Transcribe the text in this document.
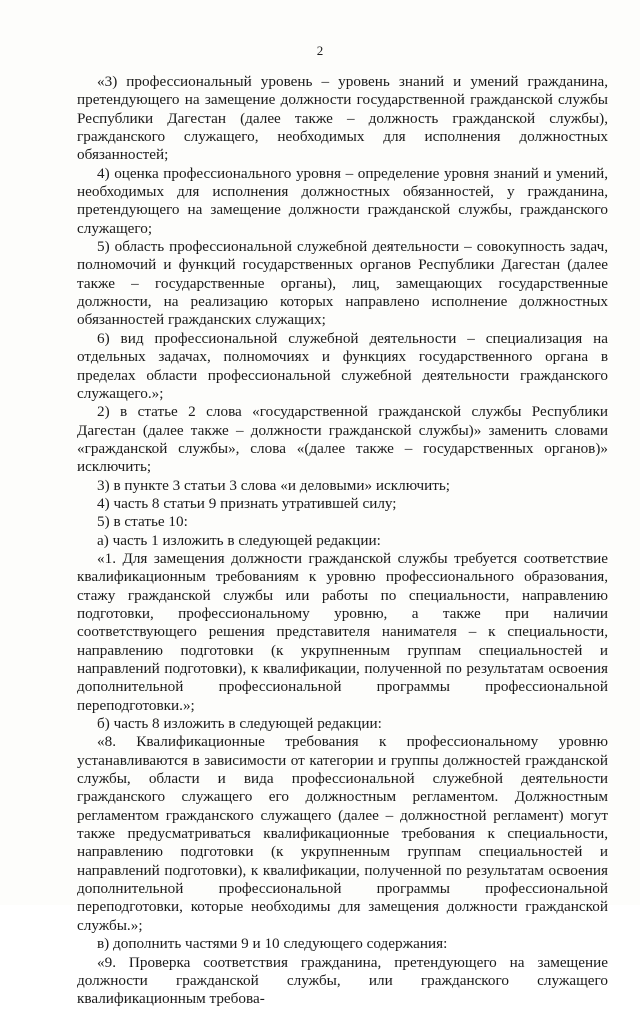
2

«3) профессиональный уровень – уровень знаний и умений гражданина, претендующего на замещение должности государственной гражданской службы Республики Дагестан (далее также – должность гражданской службы), гражданского служащего, необходимых для исполнения должностных обязанностей;

4) оценка профессионального уровня – определение уровня знаний и умений, необходимых для исполнения должностных обязанностей, у гражданина, претендующего на замещение должности гражданской службы, гражданского служащего;

5) область профессиональной служебной деятельности – совокупность задач, полномочий и функций государственных органов Республики Дагестан (далее также – государственные органы), лиц, замещающих государственные должности, на реализацию которых направлено исполнение должностных обязанностей гражданских служащих;

6) вид профессиональной служебной деятельности – специализация на отдельных задачах, полномочиях и функциях государственного органа в пределах области профессиональной служебной деятельности гражданского служащего.»;

2) в статье 2 слова «государственной гражданской службы Республики Дагестан (далее также – должности гражданской службы)» заменить словами «гражданской службы», слова «(далее также – государственных органов)» исключить;

3) в пункте 3 статьи 3 слова «и деловыми» исключить;

4) часть 8 статьи 9 признать утратившей силу;

5) в статье 10:

а) часть 1 изложить в следующей редакции:

«1. Для замещения должности гражданской службы требуется соответствие квалификационным требованиям к уровню профессионального образования, стажу гражданской службы или работы по специальности, направлению подготовки, профессиональному уровню, а также при наличии соответствующего решения представителя нанимателя – к специальности, направлению подготовки (к укрупненным группам специальностей и направлений подготовки), к квалификации, полученной по результатам освоения дополнительной профессиональной программы профессиональной переподготовки.»;

б) часть 8 изложить в следующей редакции:

«8. Квалификационные требования к профессиональному уровню устанавливаются в зависимости от категории и группы должностей гражданской службы, области и вида профессиональной служебной деятельности гражданского служащего его должностным регламентом. Должностным регламентом гражданского служащего (далее – должностной регламент) могут также предусматриваться квалификационные требования к специальности, направлению подготовки (к укрупненным группам специальностей и направлений подготовки), к квалификации, полученной по результатам освоения дополнительной профессиональной программы профессиональной переподготовки, которые необходимы для замещения должности гражданской службы.»;

в) дополнить частями 9 и 10 следующего содержания:

«9. Проверка соответствия гражданина, претендующего на замещение должности гражданской службы, или гражданского служащего квалификационным требова-
